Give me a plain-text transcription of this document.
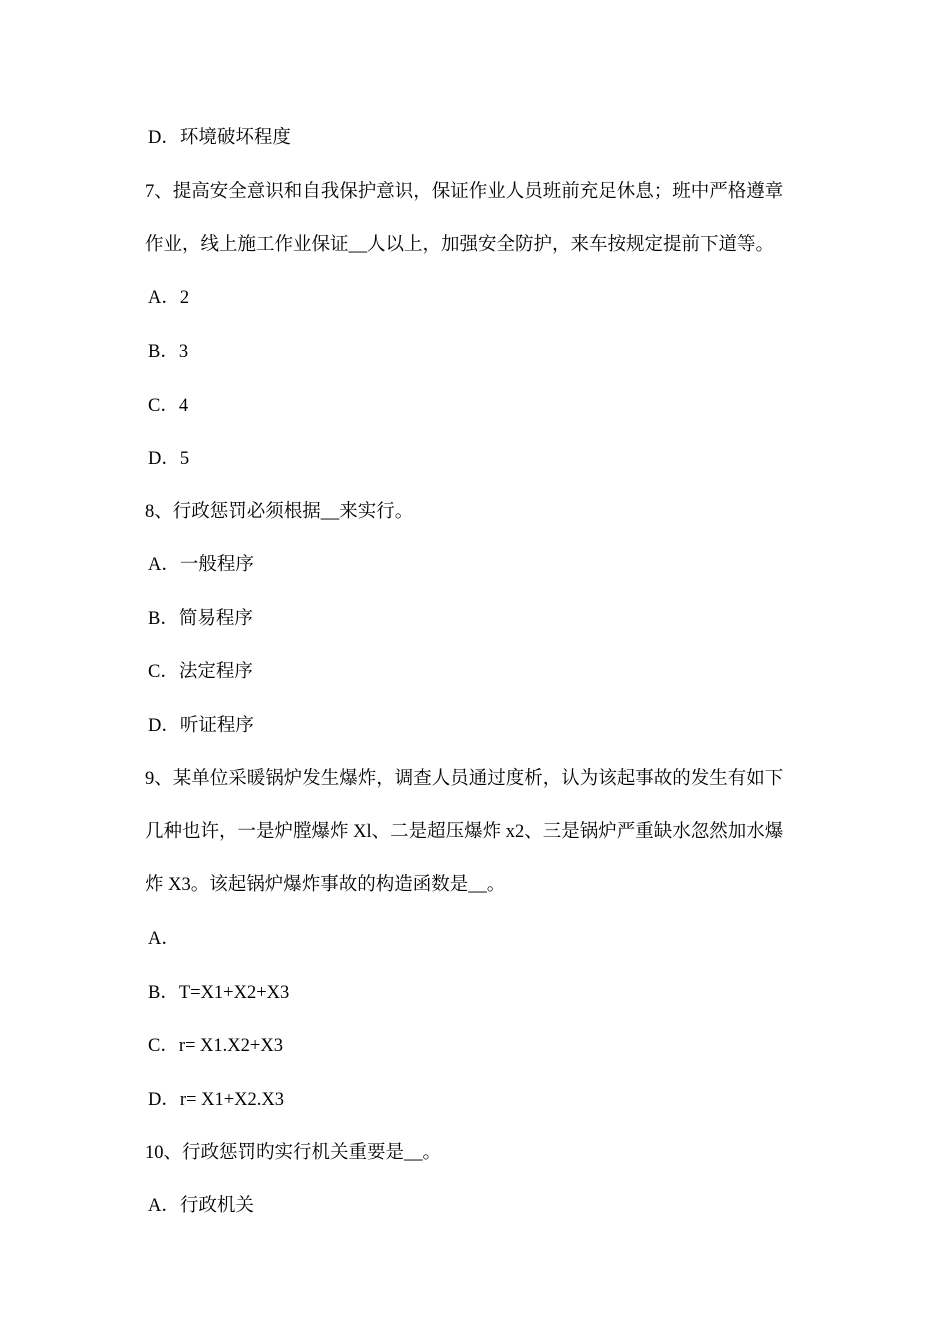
D．环境破坏程度
7、提高安全意识和自我保护意识，保证作业人员班前充足休息；班中严格遵章
作业，线上施工作业保证__人以上，加强安全防护，来车按规定提前下道等。
A．2
B．3
C．4
D．5
8、行政惩罚必须根据__来实行。
A．一般程序
B．简易程序
C．法定程序
D．听证程序
9、某单位采暖锅炉发生爆炸，调查人员通过度析，认为该起事故的发生有如下
几种也许，一是炉膛爆炸 Xl、二是超压爆炸 x2、三是锅炉严重缺水忽然加水爆
炸 X3。该起锅炉爆炸事故的构造函数是__。
A．
B．T=X1+X2+X3
C．r= X1.X2+X3
D．r= X1+X2.X3
10、行政惩罚旳实行机关重要是__。
A．行政机关
